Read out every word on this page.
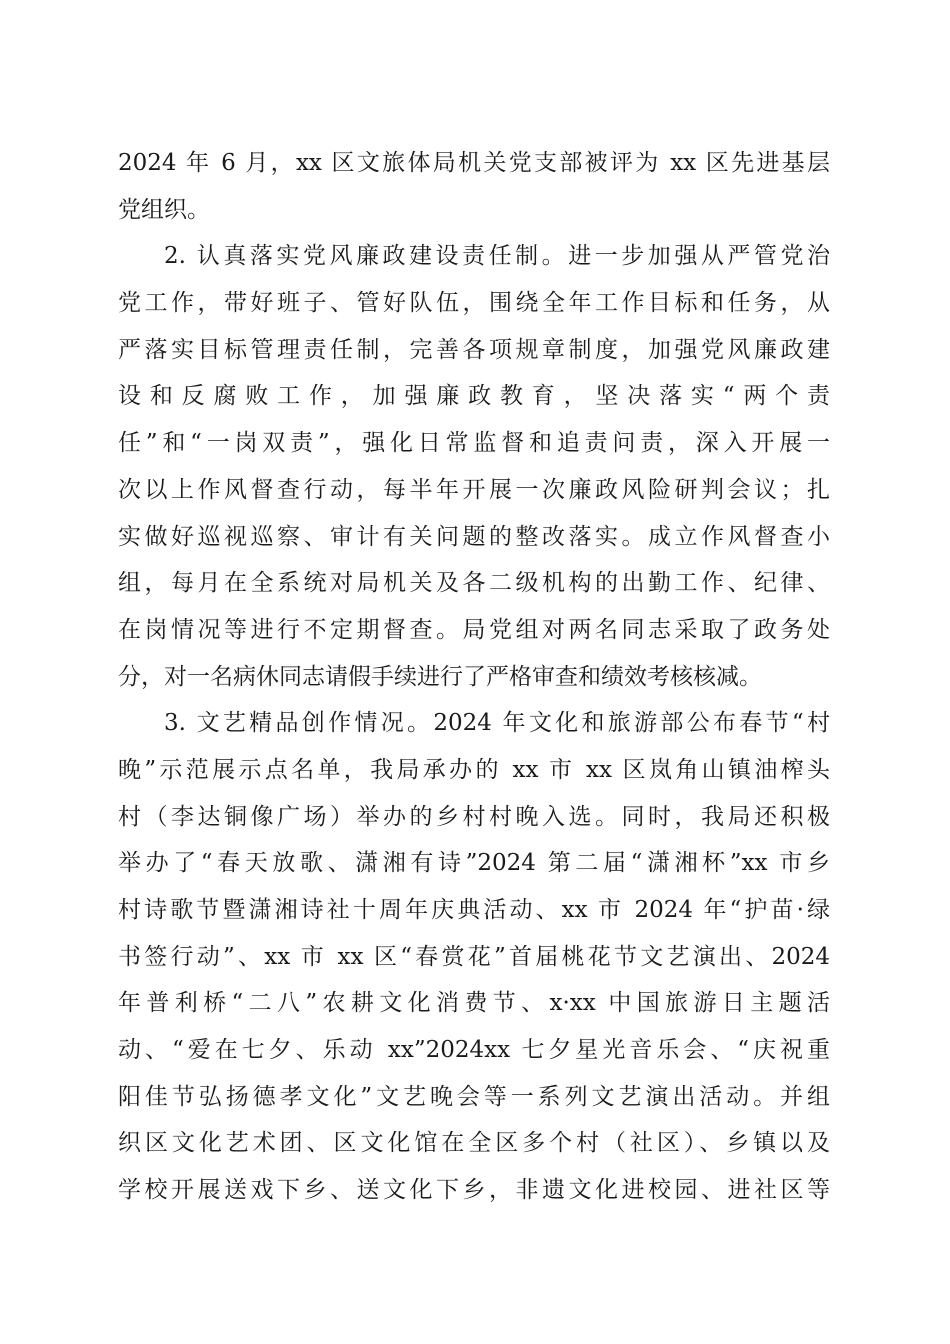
2024 年 6 月，xx 区文旅体局机关党支部被评为 xx 区先进基层
党组织。
2. 认真落实党风廉政建设责任制。进一步加强从严管党治
党工作，带好班子、管好队伍，围绕全年工作目标和任务，从
严落实目标管理责任制，完善各项规章制度，加强党风廉政建
设和反腐败工作，加强廉政教育，坚决落实“两个责
任”和“一岗双责”，强化日常监督和追责问责，深入开展一
次以上作风督查行动，每半年开展一次廉政风险研判会议；扎
实做好巡视巡察、审计有关问题的整改落实。成立作风督查小
组，每月在全系统对局机关及各二级机构的出勤工作、纪律、
在岗情况等进行不定期督查。局党组对两名同志采取了政务处
分，对一名病休同志请假手续进行了严格审查和绩效考核核减。
3. 文艺精品创作情况。2024 年文化和旅游部公布春节“村
晚”示范展示点名单，我局承办的 xx 市 xx 区岚角山镇油榨头
村（李达铜像广场）举办的乡村村晚入选。同时，我局还积极
举办了“春天放歌、潇湘有诗”2024 第二届“潇湘杯”xx 市乡
村诗歌节暨潇湘诗社十周年庆典活动、xx 市 2024 年“护苗·绿
书签行动”、xx 市 xx 区“春赏花”首届桃花节文艺演出、2024
年普利桥“二八”农耕文化消费节、x·xx 中国旅游日主题活
动、“爱在七夕、乐动 xx”2024xx 七夕星光音乐会、“庆祝重
阳佳节弘扬德孝文化”文艺晚会等一系列文艺演出活动。并组
织区文化艺术团、区文化馆在全区多个村（社区）、乡镇以及
学校开展送戏下乡、送文化下乡，非遗文化进校园、进社区等
